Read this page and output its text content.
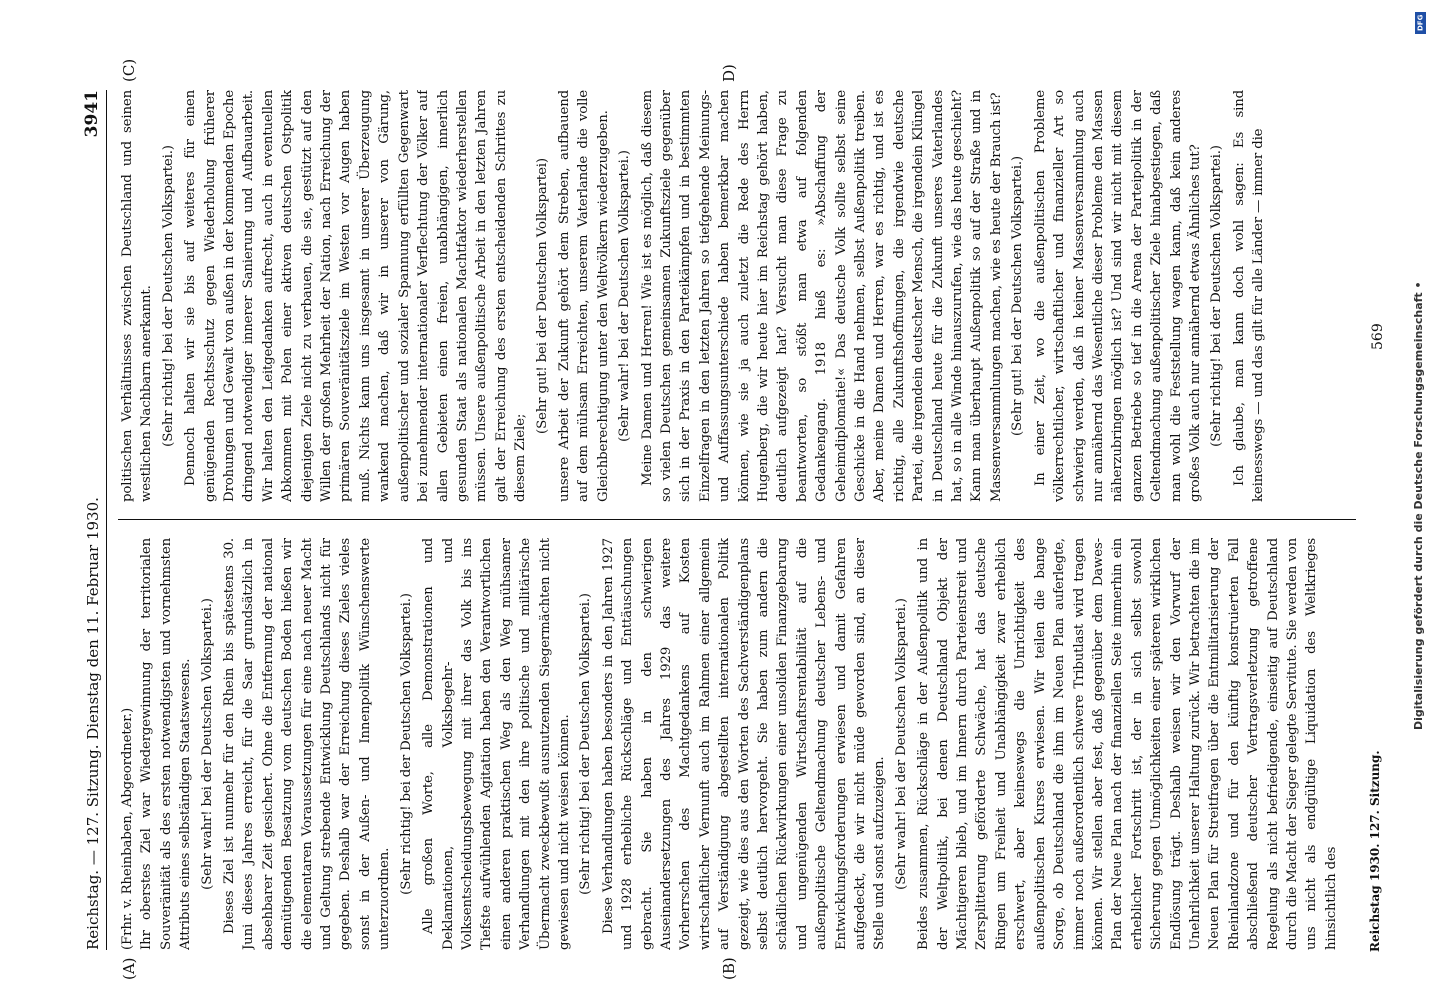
Reichstag. — 127. Sitzung. Dienstag den 11. Februar 1930.
3941

(Frhr. v. Rheinbaben, Abgeordneter.) Ihr oberstes Ziel war Wiedergewinnung der territorialen Souveränität als des ersten notwendigsten und vornehmsten Attributs eines selbständigen Staatswesens. (Sehr wahr! bei der Deutschen Volkspartei.) Dieses Ziel ist nunmehr für den Rhein bis spätestens 30. Juni dieses Jahres erreicht, für die Saar grundsätzlich in absehbarer Zeit gesichert. Ohne die Entfernung der national demütigenden Besatzung vom deutschen Boden hießen wir die elementaren Voraussetzungen für eine nach neuer Macht und Geltung strebende Entwicklung Deutschlands nicht für gegeben. Deshalb war der Erreichung dieses Zieles vieles sonst in der Außen- und Innenpolitik Wünschenswerte unterzuordnen.

(Sehr richtig! bei der Deutschen Volkspartei.) Alle großen Worte, alle Demonstrationen und Deklamationen, Volksbegehr- und Volksentscheidungsbewegung mit ihrer das Volk bis ins Tiefste aufwühlenden Agitation haben den Verantwortlichen einen anderen praktischen Weg als den Weg mühsamer Verhandlungen mit den ihre politische und militärische Übermacht zweckbewußt ausnutzenden Siegermächten nicht gewiesen und nicht weisen können. (Sehr richtig! bei der Deutschen Volkspartei.) Diese Verhandlungen haben besonders in den Jahren 1927 und 1928 erhebliche Rückschläge und Enttäuschungen gebracht. Sie haben in den schwierigen Auseinandersetzungen des Jahres 1929 das weitere Vorherrschen des Machtgedankens auf Kosten wirtschaftlicher Vernunft auch im Rahmen einer allgemein auf Verständigung abgestellten internationalen Politik gezeigt, wie dies aus den Worten des Sachverständigenplans selbst deutlich hervorgeht. Sie haben zum andern die schädlichen Rückwirkungen einer unsoliden Finanzgebarung und ungenügenden Wirtschaftsrentabilität auf die außenpolitische Geltendmachung deutscher Lebens- und Entwicklungsforderungen erwiesen und damit Gefahren aufgedeckt, die wir nicht müde geworden sind, an dieser Stelle und sonst aufzuzeigen. (Sehr wahr! bei der Deutschen Volkspartei.) Beides zusammen, Rückschläge in der Außenpolitik und in der Weltpolitik, bei denen Deutschland Objekt der Mächtigeren blieb, und im Innern durch Parteienstreit und Zersplitterung geförderte Schwäche, hat das deutsche Ringen um Freiheit und Unabhängigkeit zwar erheblich erschwert, aber keineswegs die Unrichtigkeit des außenpolitischen Kurses erwiesen. Wir teilen die bange Sorge, ob Deutschland die ihm im Neuen Plan auferlegte, immer noch außerordentlich schwere Tributlast wird tragen können. Wir stellen aber fest, daß gegenüber dem Dawes-Plan der Neue Plan nach der finanziellen Seite immerhin ein erheblicher Fortschritt ist, der in sich selbst sowohl Sicherung gegen Unmöglichkeiten einer späteren wirklichen Endlösung trägt. Deshalb weisen wir den Vorwurf der Unehrlichkeit unserer Haltung zurück. Wir betrachten die im Neuen Plan für Streitfragen über die Entmilitarisierung der Rheinlandzone und für den künftig konstruierten Fall abschließend deutscher Vertragsverletzung getroffene Regelung als nicht befriedigende, einseitig auf Deutschland durch die Macht der Sieger gelegte Servitute. Sie werden von uns nicht als endgültige Liquidation des Weltkrieges hinsichtlich des

politischen Verhältnisses zwischen Deutschland und seinen westlichen Nachbarn anerkannt. (Sehr richtig! bei der Deutschen Volkspartei.) Dennoch halten wir sie bis auf weiteres für einen genügenden Rechtsschutz gegen Wiederholung früherer Drohungen und Gewalt von außen in der kommenden Epoche dringend notwendiger innerer Sanierung und Aufbauarbeit. Wir halten den Leitgedanken aufrecht, auch in eventuellen Abkommen mit Polen einer aktiven deutschen Ostpolitik diejenigen Ziele nicht zu verbauen, die sie, gestützt auf den Willen der großen Mehrheit der Nation, nach Erreichung der primären Souveränitätsziele im Westen vor Augen haben muß. Nichts kann uns insgesamt in unserer Überzeugung wankend machen, daß wir in unserer von Gärung, außenpolitischer und sozialer Spannung erfüllten Gegenwart bei zunehmender internationaler Verflechtung der Völker auf allen Gebieten einen freien, unabhängigen, innerlich gesunden Staat als nationalen Machtfaktor wiederherstellen müssen. Unsere außenpolitische Arbeit in den letzten Jahren galt der Erreichung des ersten entscheidenden Schrittes zu diesem Ziele;

(Sehr gut! bei der Deutschen Volkspartei) unsere Arbeit der Zukunft gehört dem Streben, aufbauend auf dem mühsam Erreichten, unserem Vaterlande die volle Gleichberechtigung unter den Weltvölkern wiederzugeben. (Sehr wahr! bei der Deutschen Volkspartei.) Meine Damen und Herren! Wie ist es möglich, daß diesem so vielen Deutschen gemeinsamen Zukunftsziele gegenüber sich in der Praxis in den Parteikämpfen und in bestimmten Einzelfragen in den letzten Jahren so tiefgehende Meinungs- und Auffassungsunterschiede haben bemerkbar machen können, wie sie ja auch zuletzt die Rede des Herrn Hugenberg, die wir heute hier im Reichstag gehört haben, deutlich aufgezeigt hat? Versucht man diese Frage zu beantworten, so stößt man etwa auf folgenden Gedankengang. 1918 hieß es: »Abschaffung der Geheimdiplomatie!« Das deutsche Volk sollte selbst seine Geschicke in die Hand nehmen, selbst Außenpolitik treiben. Aber, meine Damen und Herren, war es richtig, und ist es richtig, alle Zukunftshoffnungen, die irgendwie deutsche Partei, die irgendein deutscher Mensch, die irgendein Klüngel in Deutschland heute für die Zukunft unseres Vaterlandes hat, so in alle Winde hinauszurufen, wie das heute geschieht? Kann man überhaupt Außenpolitik so auf der Straße und in Massenversammlungen machen, wie es heute der Brauch ist? (Sehr gut! bei der Deutschen Volkspartei.) In einer Zeit, wo die außenpolitischen Probleme völkerrechtlicher, wirtschaftlicher und finanzieller Art so schwierig werden, daß in keiner Massenversammlung auch nur annähernd das Wesentliche dieser Probleme den Massen näherzubringen möglich ist? Und sind wir nicht mit diesem ganzen Betriebe so tief in die Arena der Parteipolitik in der Geltendmachung außenpolitischer Ziele hinabgestiegen, daß man wohl die Feststellung wagen kann, daß kein anderes großes Volk auch nur annähernd etwas Ähnliches tut? (Sehr richtig! bei der Deutschen Volkspartei.) Ich glaube, man kann doch wohl sagen: Es sind keinesswegs — und das gilt für alle Länder — immer die

(A)	(B)
(C)	D)
Reichstag 1930. 127. Sitzung.
569 Digitalisierung gefördert durch die Deutsche Forschungsgemeinschaft •
DFG
